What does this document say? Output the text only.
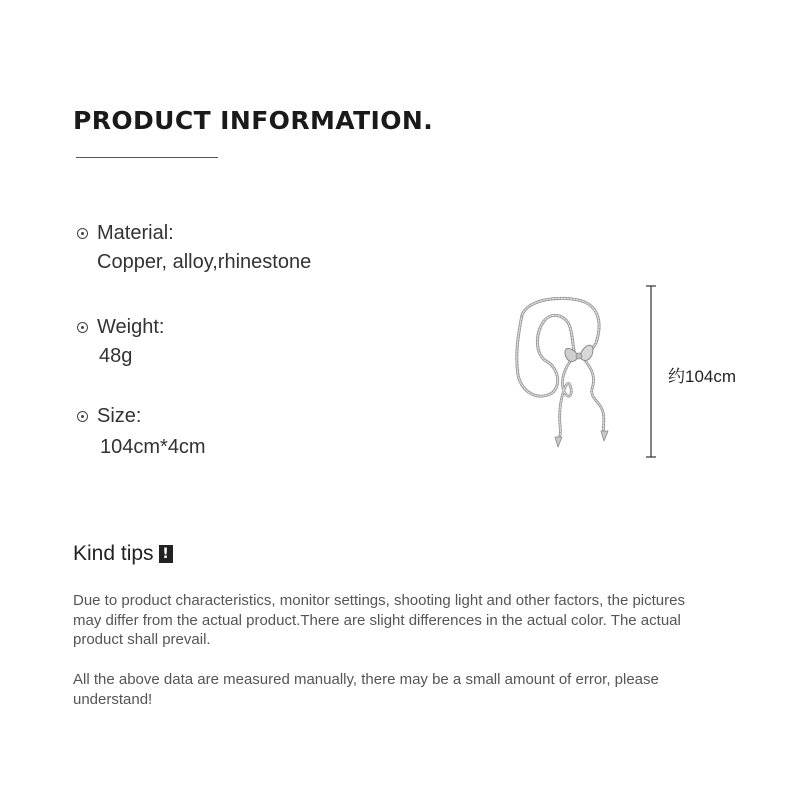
PRODUCT INFORMATION.
Material:
Copper, alloy,rhinestone
Weight:
48g
Size:
104cm*4cm
约104cm
Kind tips !

Due to product characteristics, monitor settings, shooting light and other factors, the pictures may differ from the actual product.There are slight differences in the actual color. The actual product shall prevail.

All the above data are measured manually, there may be a small amount of error, please understand!
